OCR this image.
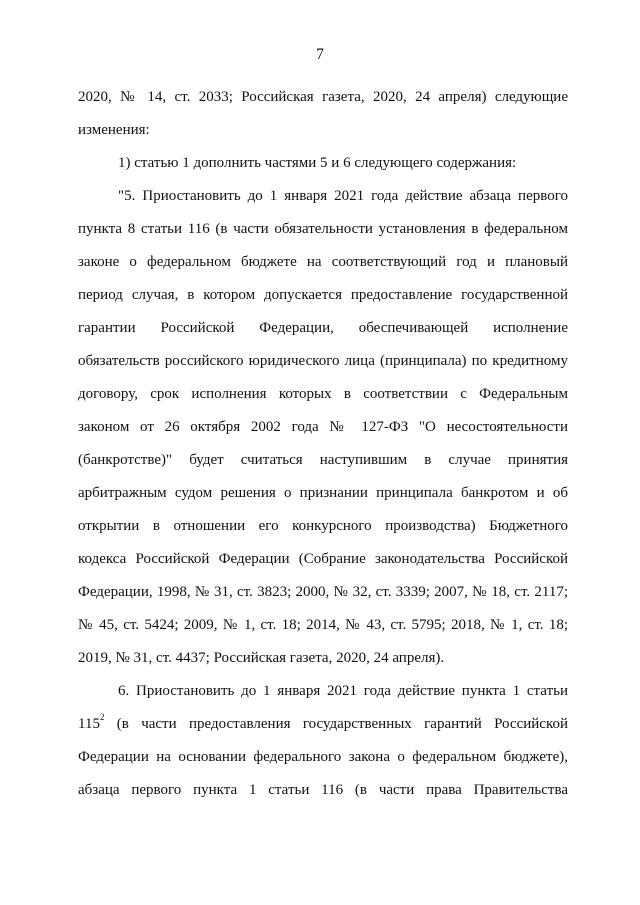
7
2020, № 14, ст. 2033; Российская газета, 2020, 24 апреля) следующие
изменения:
1) статью 1 дополнить частями 5 и 6 следующего содержания:
"5. Приостановить до 1 января 2021 года действие абзаца первого
пункта 8 статьи 116 (в части обязательности установления в федеральном
законе о федеральном бюджете на соответствующий год и плановый
период случая, в котором допускается предоставление государственной
гарантии Российской Федерации, обеспечивающей исполнение
обязательств российского юридического лица (принципала) по кредитному
договору, срок исполнения которых в соответствии с Федеральным
законом от 26 октября 2002 года № 127-ФЗ "О несостоятельности
(банкротстве)" будет считаться наступившим в случае принятия
арбитражным судом решения о признании принципала банкротом и об
открытии в отношении его конкурсного производства) Бюджетного
кодекса Российской Федерации (Собрание законодательства Российской
Федерации, 1998, № 31, ст. 3823; 2000, № 32, ст. 3339; 2007, № 18, ст. 2117;
№ 45, ст. 5424; 2009, № 1, ст. 18; 2014, № 43, ст. 5795; 2018, № 1, ст. 18;
2019, № 31, ст. 4437; Российская газета, 2020, 24 апреля).
6. Приостановить до 1 января 2021 года действие пункта 1 статьи
$115^2$ (в части предоставления государственных гарантий Российской
Федерации на основании федерального закона о федеральном бюджете),
абзаца первого пункта 1 статьи 116 (в части права Правительства
